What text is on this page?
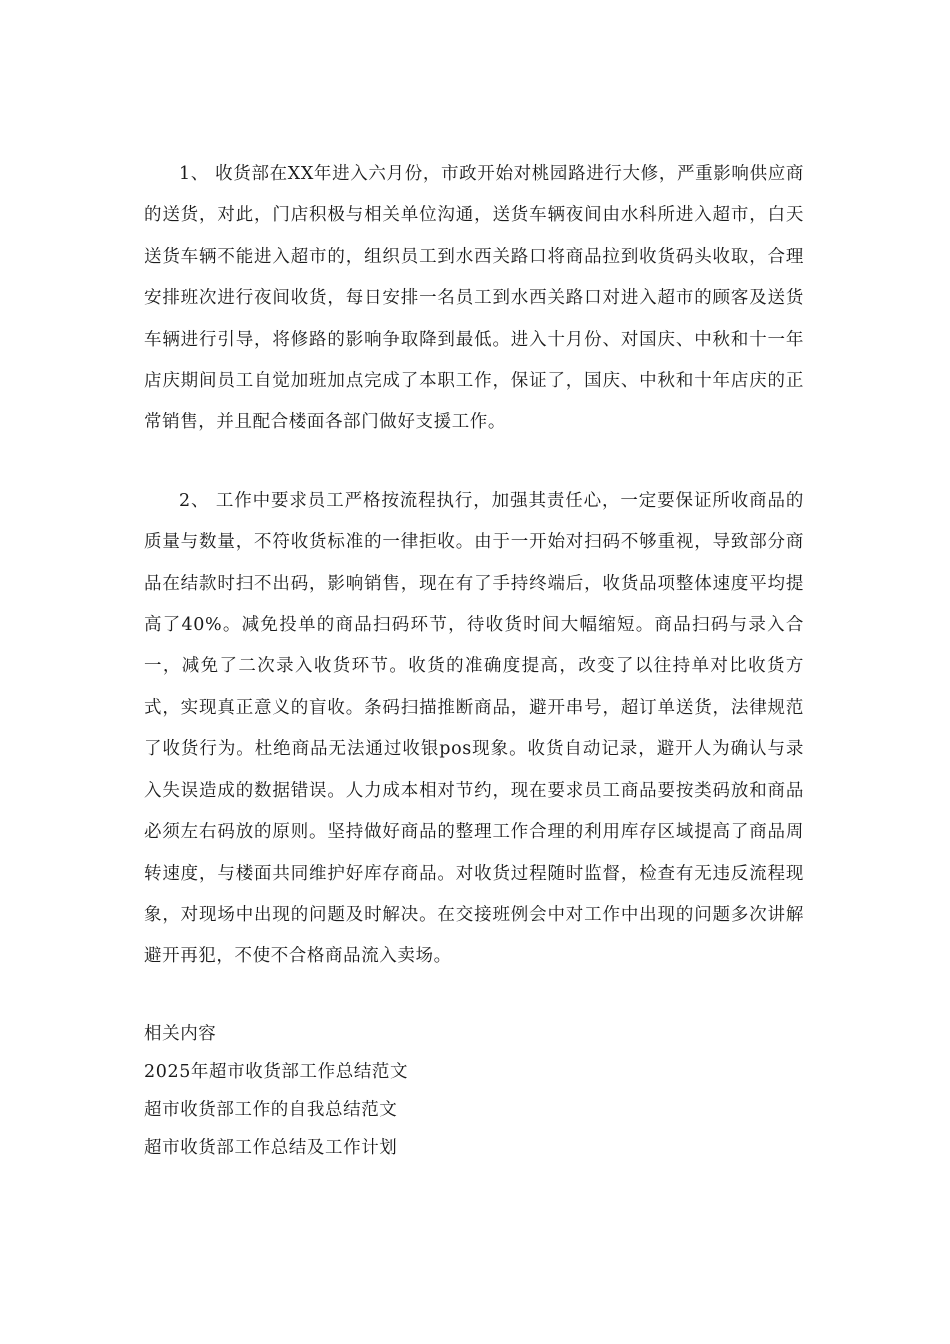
1、 收货部在XX年进入六月份，市政开始对桃园路进行大修，严重影响供应商的送货，对此，门店积极与相关单位沟通，送货车辆夜间由水科所进入超市，白天送货车辆不能进入超市的，组织员工到水西关路口将商品拉到收货码头收取，合理安排班次进行夜间收货，每日安排一名员工到水西关路口对进入超市的顾客及送货车辆进行引导，将修路的影响争取降到最低。进入十月份、对国庆、中秋和十一年店庆期间员工自觉加班加点完成了本职工作，保证了，国庆、中秋和十年店庆的正常销售，并且配合楼面各部门做好支援工作。

2、 工作中要求员工严格按流程执行，加强其责任心，一定要保证所收商品的质量与数量，不符收货标准的一律拒收。由于一开始对扫码不够重视，导致部分商品在结款时扫不出码，影响销售，现在有了手持终端后，收货品项整体速度平均提高了40%。减免投单的商品扫码环节，待收货时间大幅缩短。商品扫码与录入合一，减免了二次录入收货环节。收货的准确度提高，改变了以往持单对比收货方式，实现真正意义的盲收。条码扫描推断商品，避开串号，超订单送货，法律规范了收货行为。杜绝商品无法通过收银pos现象。收货自动记录，避开人为确认与录入失误造成的数据错误。人力成本相对节约，现在要求员工商品要按类码放和商品必须左右码放的原则。坚持做好商品的整理工作合理的利用库存区域提高了商品周转速度，与楼面共同维护好库存商品。对收货过程随时监督，检查有无违反流程现象，对现场中出现的问题及时解决。在交接班例会中对工作中出现的问题多次讲解避开再犯，不使不合格商品流入卖场。

相关内容
2025年超市收货部工作总结范文
超市收货部工作的自我总结范文
超市收货部工作总结及工作计划
